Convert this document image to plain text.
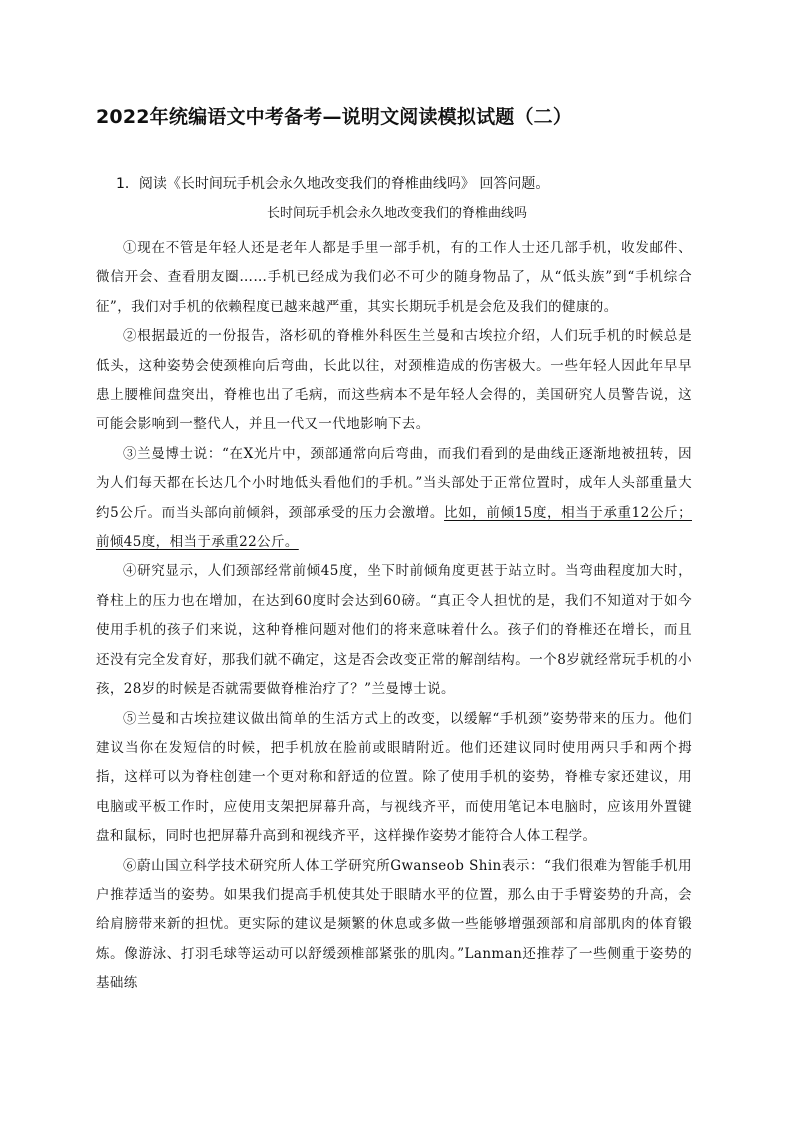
2022年统编语文中考备考—说明文阅读模拟试题（二）
1．阅读《长时间玩手机会永久地改变我们的脊椎曲线吗》 回答问题。
长时间玩手机会永久地改变我们的脊椎曲线吗

①现在不管是年轻人还是老年人都是手里一部手机，有的工作人士还几部手机，收发邮件、微信开会、查看朋友圈……手机已经成为我们必不可少的随身物品了，从“低头族”到“手机综合征”，我们对手机的依赖程度已越来越严重，其实长期玩手机是会危及我们的健康的。

②根据最近的一份报告，洛杉矶的脊椎外科医生兰曼和古埃拉介绍，人们玩手机的时候总是低头，这种姿势会使颈椎向后弯曲，长此以往，对颈椎造成的伤害极大。一些年轻人因此年早早患上腰椎间盘突出，脊椎也出了毛病，而这些病本不是年轻人会得的，美国研究人员警告说，这可能会影响到一整代人，并且一代又一代地影响下去。

③兰曼博士说：“在X光片中，颈部通常向后弯曲，而我们看到的是曲线正逐渐地被扭转，因为人们每天都在长达几个小时地低头看他们的手机。”当头部处于正常位置时，成年人头部重量大约5公斤。而当头部向前倾斜，颈部承受的压力会激增。比如，前倾15度，相当于承重12公斤；前倾45度，相当于承重22公斤。

④研究显示，人们颈部经常前倾45度，坐下时前倾角度更甚于站立时。当弯曲程度加大时，脊柱上的压力也在增加，在达到60度时会达到60磅。“真正令人担忧的是，我们不知道对于如今使用手机的孩子们来说，这种脊椎问题对他们的将来意味着什么。孩子们的脊椎还在增长，而且还没有完全发育好，那我们就不确定，这是否会改变正常的解剖结构。一个8岁就经常玩手机的小孩，28岁的时候是否就需要做脊椎治疗了？”兰曼博士说。

⑤兰曼和古埃拉建议做出简单的生活方式上的改变，以缓解“手机颈”姿势带来的压力。他们建议当你在发短信的时候，把手机放在脸前或眼睛附近。他们还建议同时使用两只手和两个拇指，这样可以为脊柱创建一个更对称和舒适的位置。除了使用手机的姿势，脊椎专家还建议，用电脑或平板工作时，应使用支架把屏幕升高，与视线齐平，而使用笔记本电脑时，应该用外置键盘和鼠标，同时也把屏幕升高到和视线齐平，这样操作姿势才能符合人体工程学。

⑥蔚山国立科学技术研究所人体工学研究所Gwanseob Shin表示：“我们很难为智能手机用户推荐适当的姿势。如果我们提高手机使其处于眼睛水平的位置，那么由于手臂姿势的升高，会给肩膀带来新的担忧。更实际的建议是频繁的休息或多做一些能够增强颈部和肩部肌肉的体育锻炼。像游泳、打羽毛球等运动可以舒缓颈椎部紧张的肌肉。”Lanman还推荐了一些侧重于姿势的基础练
